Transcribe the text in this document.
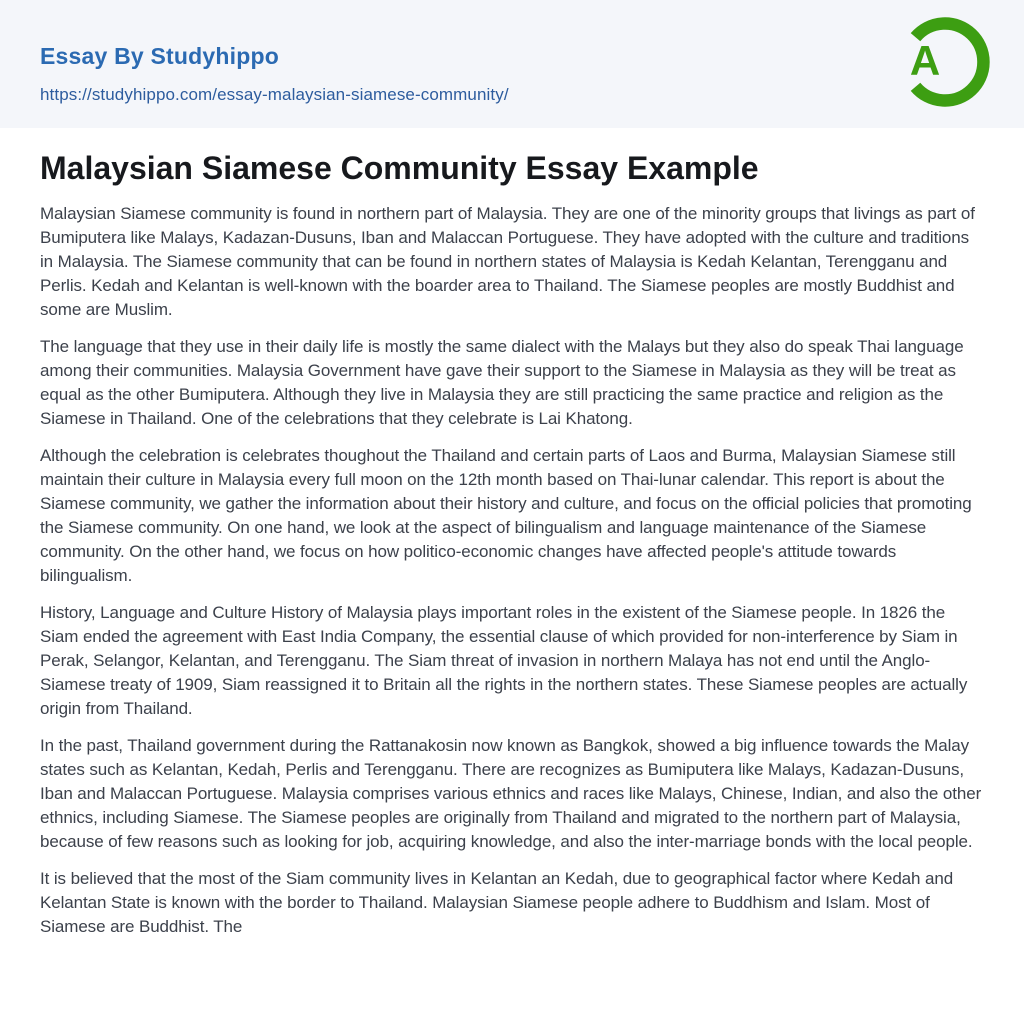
Essay By Studyhippo
https://studyhippo.com/essay-malaysian-siamese-community/
A
Malaysian Siamese Community Essay Example

Malaysian Siamese community is found in northern part of Malaysia. They are one of the minority groups that livings as part of Bumiputera like Malays, Kadazan-Dusuns, Iban and Malaccan Portuguese. They have adopted with the culture and traditions in Malaysia. The Siamese community that can be found in northern states of Malaysia is Kedah Kelantan, Terengganu and Perlis. Kedah and Kelantan is well-known with the boarder area to Thailand. The Siamese peoples are mostly Buddhist and some are Muslim.

The language that they use in their daily life is mostly the same dialect with the Malays but they also do speak Thai language among their communities. Malaysia Government have gave their support to the Siamese in Malaysia as they will be treat as equal as the other Bumiputera. Although they live in Malaysia they are still practicing the same practice and religion as the Siamese in Thailand. One of the celebrations that they celebrate is Lai Khatong.

Although the celebration is celebrates thoughout the Thailand and certain parts of Laos and Burma, Malaysian Siamese still maintain their culture in Malaysia every full moon on the 12th month based on Thai-lunar calendar. This report is about the Siamese community, we gather the information about their history and culture, and focus on the official policies that promoting the Siamese community. On one hand, we look at the aspect of bilingualism and language maintenance of the Siamese community. On the other hand, we focus on how politico-economic changes have affected people's attitude towards bilingualism.

History, Language and Culture History of Malaysia plays important roles in the existent of the Siamese people. In 1826 the Siam ended the agreement with East India Company, the essential clause of which provided for non-interference by Siam in Perak, Selangor, Kelantan, and Terengganu. The Siam threat of invasion in northern Malaya has not end until the Anglo-Siamese treaty of 1909, Siam reassigned it to Britain all the rights in the northern states. These Siamese peoples are actually origin from Thailand.

In the past, Thailand government during the Rattanakosin now known as Bangkok, showed a big influence towards the Malay states such as Kelantan, Kedah, Perlis and Terengganu. There are recognizes as Bumiputera like Malays, Kadazan-Dusuns, Iban and Malaccan Portuguese. Malaysia comprises various ethnics and races like Malays, Chinese, Indian, and also the other ethnics, including Siamese. The Siamese peoples are originally from Thailand and migrated to the northern part of Malaysia, because of few reasons such as looking for job, acquiring knowledge, and also the inter-marriage bonds with the local people.

It is believed that the most of the Siam community lives in Kelantan an Kedah, due to geographical factor where Kedah and Kelantan State is known with the border to Thailand. Malaysian Siamese people adhere to Buddhism and Islam. Most of Siamese are Buddhist. The
